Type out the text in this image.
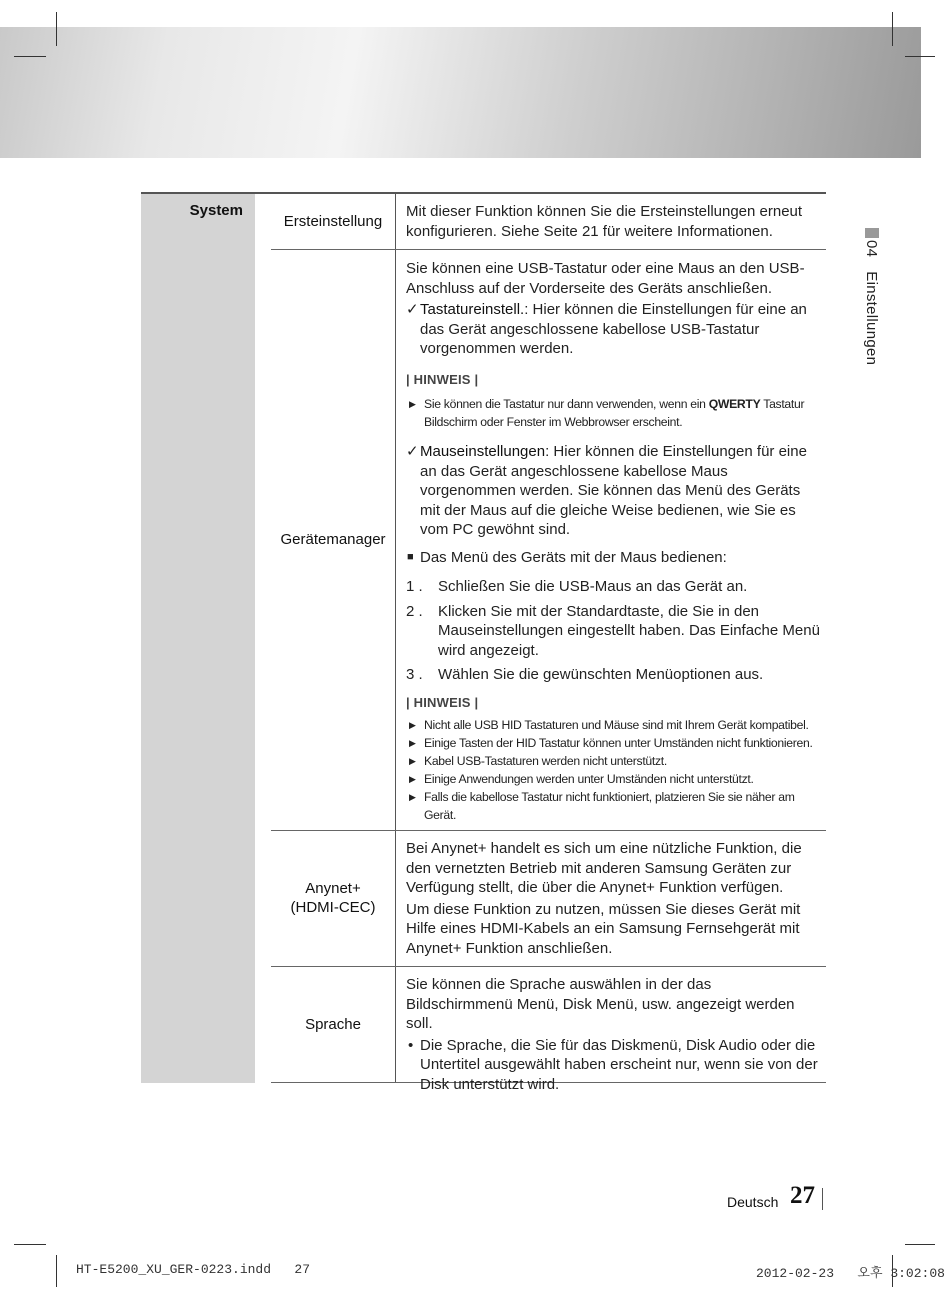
04Einstellungen
System
Ersteinstellung

Mit dieser Funktion können Sie die Ersteinstellungen erneut konfigurieren. Siehe Seite 21 für weitere Informationen.

Gerätemanager

Sie können eine USB-Tastatur oder eine Maus an den USB-Anschluss auf der Vorderseite des Geräts anschließen.

✓ Tastatureinstell.: Hier können die Einstellungen für eine an das Gerät angeschlossene kabellose USB-Tastatur vorgenommen werden.
| HINWEIS |
▶ Sie können die Tastatur nur dann verwenden, wenn ein QWERTY Tastatur Bildschirm oder Fenster im Webbrowser erscheint.
✓ Mauseinstellungen: Hier können die Einstellungen für eine an das Gerät angeschlossene kabellose Maus vorgenommen werden. Sie können das Menü des Geräts mit der Maus auf die gleiche Weise bedienen, wie Sie es vom PC gewöhnt sind.
■ Das Menü des Geräts mit der Maus bedienen:
1 . Schließen Sie die USB-Maus an das Gerät an.
2 . Klicken Sie mit der Standardtaste, die Sie in den Mauseinstellungen eingestellt haben. Das Einfache Menü wird angezeigt.
3 . Wählen Sie die gewünschten Menüoptionen aus.
| HINWEIS |
▶ Nicht alle USB HID Tastaturen und Mäuse sind mit Ihrem Gerät kompatibel.
▶ Einige Tasten der HID Tastatur können unter Umständen nicht funktionieren.
▶ Kabel USB-Tastaturen werden nicht unterstützt.
▶ Einige Anwendungen werden unter Umständen nicht unterstützt.
▶ Falls die kabellose Tastatur nicht funktioniert, platzieren Sie sie näher am Gerät.
Anynet+
(HDMI-CEC)

Bei Anynet+ handelt es sich um eine nützliche Funktion, die den vernetzten Betrieb mit anderen Samsung Geräten zur Verfügung stellt, die über die Anynet+ Funktion verfügen.

Um diese Funktion zu nutzen, müssen Sie dieses Gerät mit Hilfe eines HDMI-Kabels an ein Samsung Fernsehgerät mit Anynet+ Funktion anschließen.

Sprache

Sie können die Sprache auswählen in der das Bildschirmmenü Menü, Disk Menü, usw. angezeigt werden soll.

• Die Sprache, die Sie für das Diskmenü, Disk Audio oder die Untertitel ausgewählt haben erscheint nur, wenn sie von der Disk unterstützt wird.
Deutsch 27
HT-E5200_XU_GER-0223.indd   27	2012-02-23   오후 3:02:08
